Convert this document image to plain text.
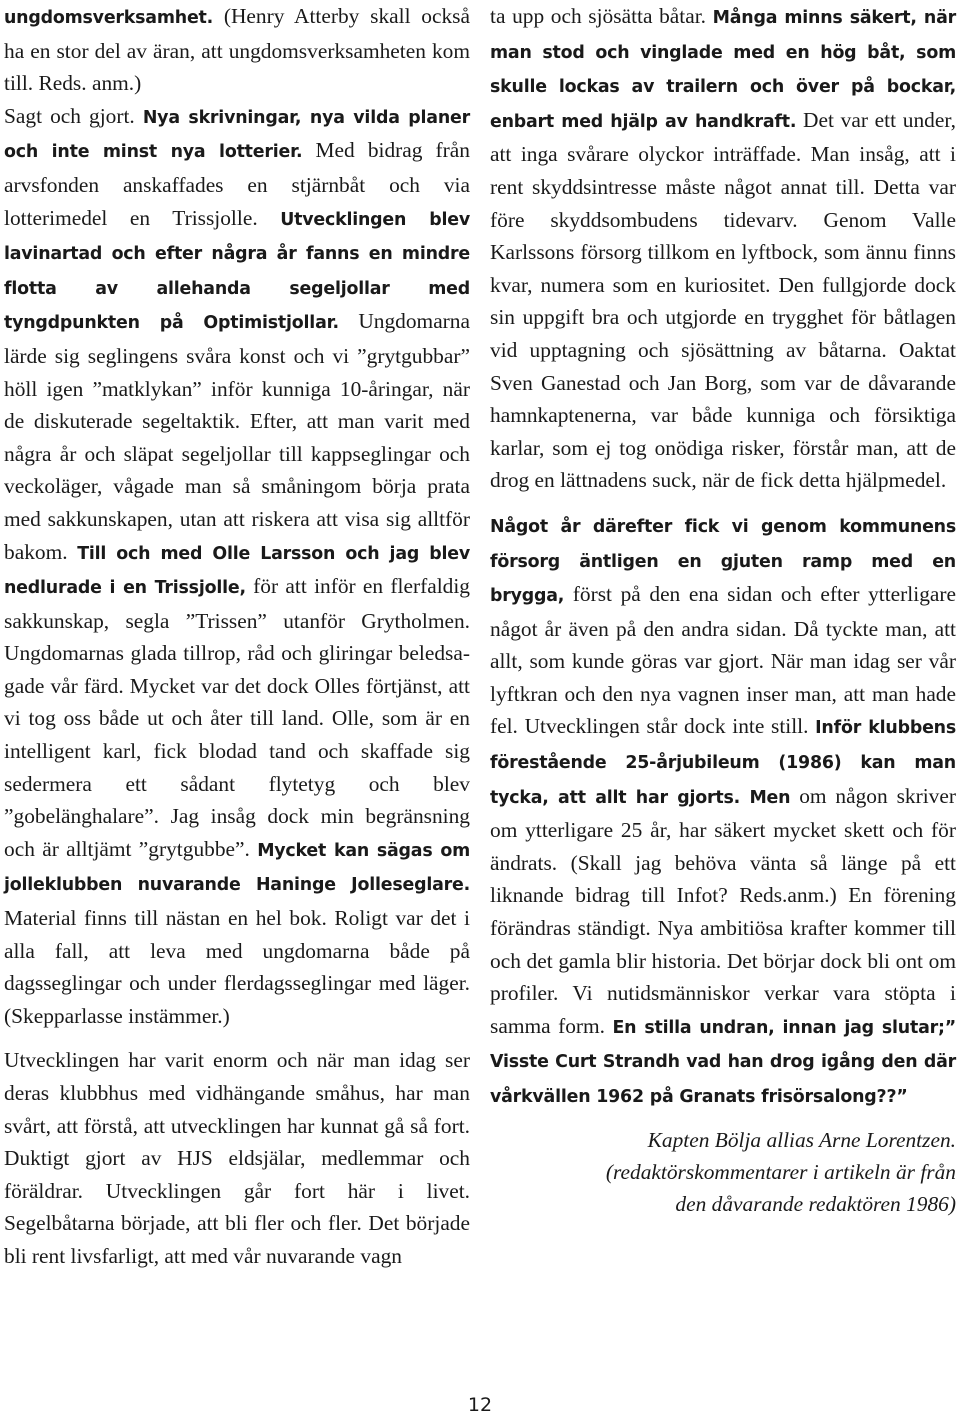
ungdomsverksamhet. (Henry Atterby skall också ha en stor del av äran, att ungdomsverksamheten kom till. Reds. anm.)

Sagt och gjort. Nya skrivningar, nya vilda planer och inte minst nya lotterier. Med bidrag från arvsfonden anskaffades en stjärnbåt och via lotterimedel en Trissjolle. Utvecklingen blev lavinartad och efter några år fanns en mindre flotta av allehanda segeljollar med tyngdpunkten på Optimistjollar. Ungdomarna lärde sig seglingens svåra konst och vi ”grytgubbar” höll igen ”matklykan” inför kunniga 10-åringar, när de diskuterade segeltaktik. Efter, att man varit med några år och släpat segeljollar till kappseglingar och veckoläger, vågade man så småningom börja prata med sakkunskapen, utan att riskera att visa sig alltför bakom. Till och med Olle Larsson och jag blev nedlurade i en Trissjolle, för att inför en flerfaldig sakkunskap, segla ”Trissen” utanför Grytholmen. Ungdomarnas glada tillrop, råd och gliringar beledsagade vår färd. Mycket var det dock Olles förtjänst, att vi tog oss både ut och åter till land. Olle, som är en intelligent karl, fick blodad tand och skaffade sig sedermera ett sådant flytetyg och blev ”gobelänghalare”. Jag insåg dock min begränsning och är alltjämt ”grytgubbe”. Mycket kan sägas om jolleklubben nuvarande Haninge Jolleseglare. Material finns till nästan en hel bok. Roligt var det i alla fall, att leva med ungdomarna både på dagsseglingar och under flerdagsseglingar med läger. (Skepparlasse instämmer.)

Utvecklingen har varit enorm och när man idag ser deras klubbhus med vidhängande småhus, har man svårt, att förstå, att utvecklingen har kunnat gå så fort. Duktigt gjort av HJS eldsjälar, medlemmar och föräldrar. Utvecklingen går fort här i livet. Segelbåtarna började, att bli fler och fler. Det började bli rent livsfarligt, att med vår nuvarande vagn

ta upp och sjösätta båtar. Många minns säkert, när man stod och vinglade med en hög båt, som skulle lockas av trailern och över på bockar, enbart med hjälp av handkraft. Det var ett under, att inga svårare olyckor inträffade. Man insåg, att i rent skyddsintresse måste något annat till. Detta var före skyddsombudens tidevarv. Genom Valle Karlssons försorg tillkom en lyftbock, som ännu finns kvar, numera som en kuriositet. Den fullgjorde dock sin uppgift bra och utgjorde en trygghet för båtlagen vid upptagning och sjösättning av båtarna. Oaktat Sven Ganestad och Jan Borg, som var de dåvarande hamnkaptenerna, var både kunniga och försiktiga karlar, som ej tog onödiga risker, förstår man, att de drog en lättnadens suck, när de fick detta hjälpmedel.

Något år därefter fick vi genom kommunens försorg äntligen en gjuten ramp med en brygga, först på den ena sidan och efter ytterligare något år även på den andra sidan. Då tyckte man, att allt, som kunde göras var gjort. När man idag ser vår lyftkran och den nya vagnen inser man, att man hade fel. Utvecklingen står dock inte still. Inför klubbens förestående 25-årjubileum (1986) kan man tycka, att allt har gjorts. Men om någon skriver om ytterligare 25 år, har säkert mycket skett och för ändrats. (Skall jag behöva vänta så länge på ett liknande bidrag till Infot? Reds.anm.) En förening förändras ständigt. Nya ambitiösa krafter kommer till och det gamla blir historia. Det börjar dock bli ont om profiler. Vi nutidsmänniskor verkar vara stöpta i samma form. En stilla undran, innan jag slutar;” Visste Curt Strandh vad han drog igång den där vårkvällen 1962 på Granats frisörsalong??”

Kapten Bölja allias Arne Lorentzen.
(redaktörskommentarer i artikeln är från
den dåvarande redaktören 1986)
12
